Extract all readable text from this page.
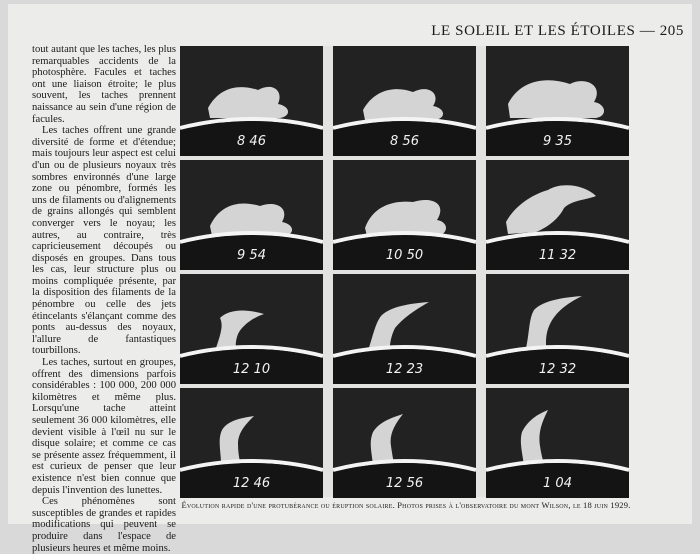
LE SOLEIL ET LES ÉTOILES — 205

tout autant que les taches, les plus remarquables accidents de la photosphère. Facules et taches ont une liaison étroite; le plus souvent, les taches prennent naissance au sein d'une région de facules.

Les taches offrent une grande diversité de forme et d'étendue; mais toujours leur aspect est celui d'un ou de plusieurs noyaux très sombres environnés d'une large zone ou pénombre, formés les uns de filaments ou d'alignements de grains allongés qui semblent converger vers le noyau; les autres, au contraire, très capricieusement découpés ou disposés en groupes. Dans tous les cas, leur structure plus ou moins compliquée présente, par la disposition des filaments de la pénombre ou celle des jets étincelants s'élançant comme des ponts au-dessus des noyaux, l'allure de fantastiques tourbillons.

Les taches, surtout en groupes, offrent des dimensions parfois considérables : 100 000, 200 000 kilomètres et même plus. Lorsqu'une tache atteint seulement 36 000 kilomètres, elle devient visible à l'œil nu sur le disque solaire; et comme ce cas se présente assez fréquemment, il est curieux de penser que leur existence n'est bien connue que depuis l'invention des lunettes.

Ces phénomènes sont susceptibles de grandes et rapides modifications qui peuvent se produire dans l'espace de plusieurs heures et même moins.

8 46	8 56	9 35
9 54	10 50	11 32
12 10	12 23	12 32
12 46	12 56	1 04
Évolution rapide d'une protubérance ou éruption solaire. Photos prises à l'observatoire du mont Wilson, le 18 juin 1929.
